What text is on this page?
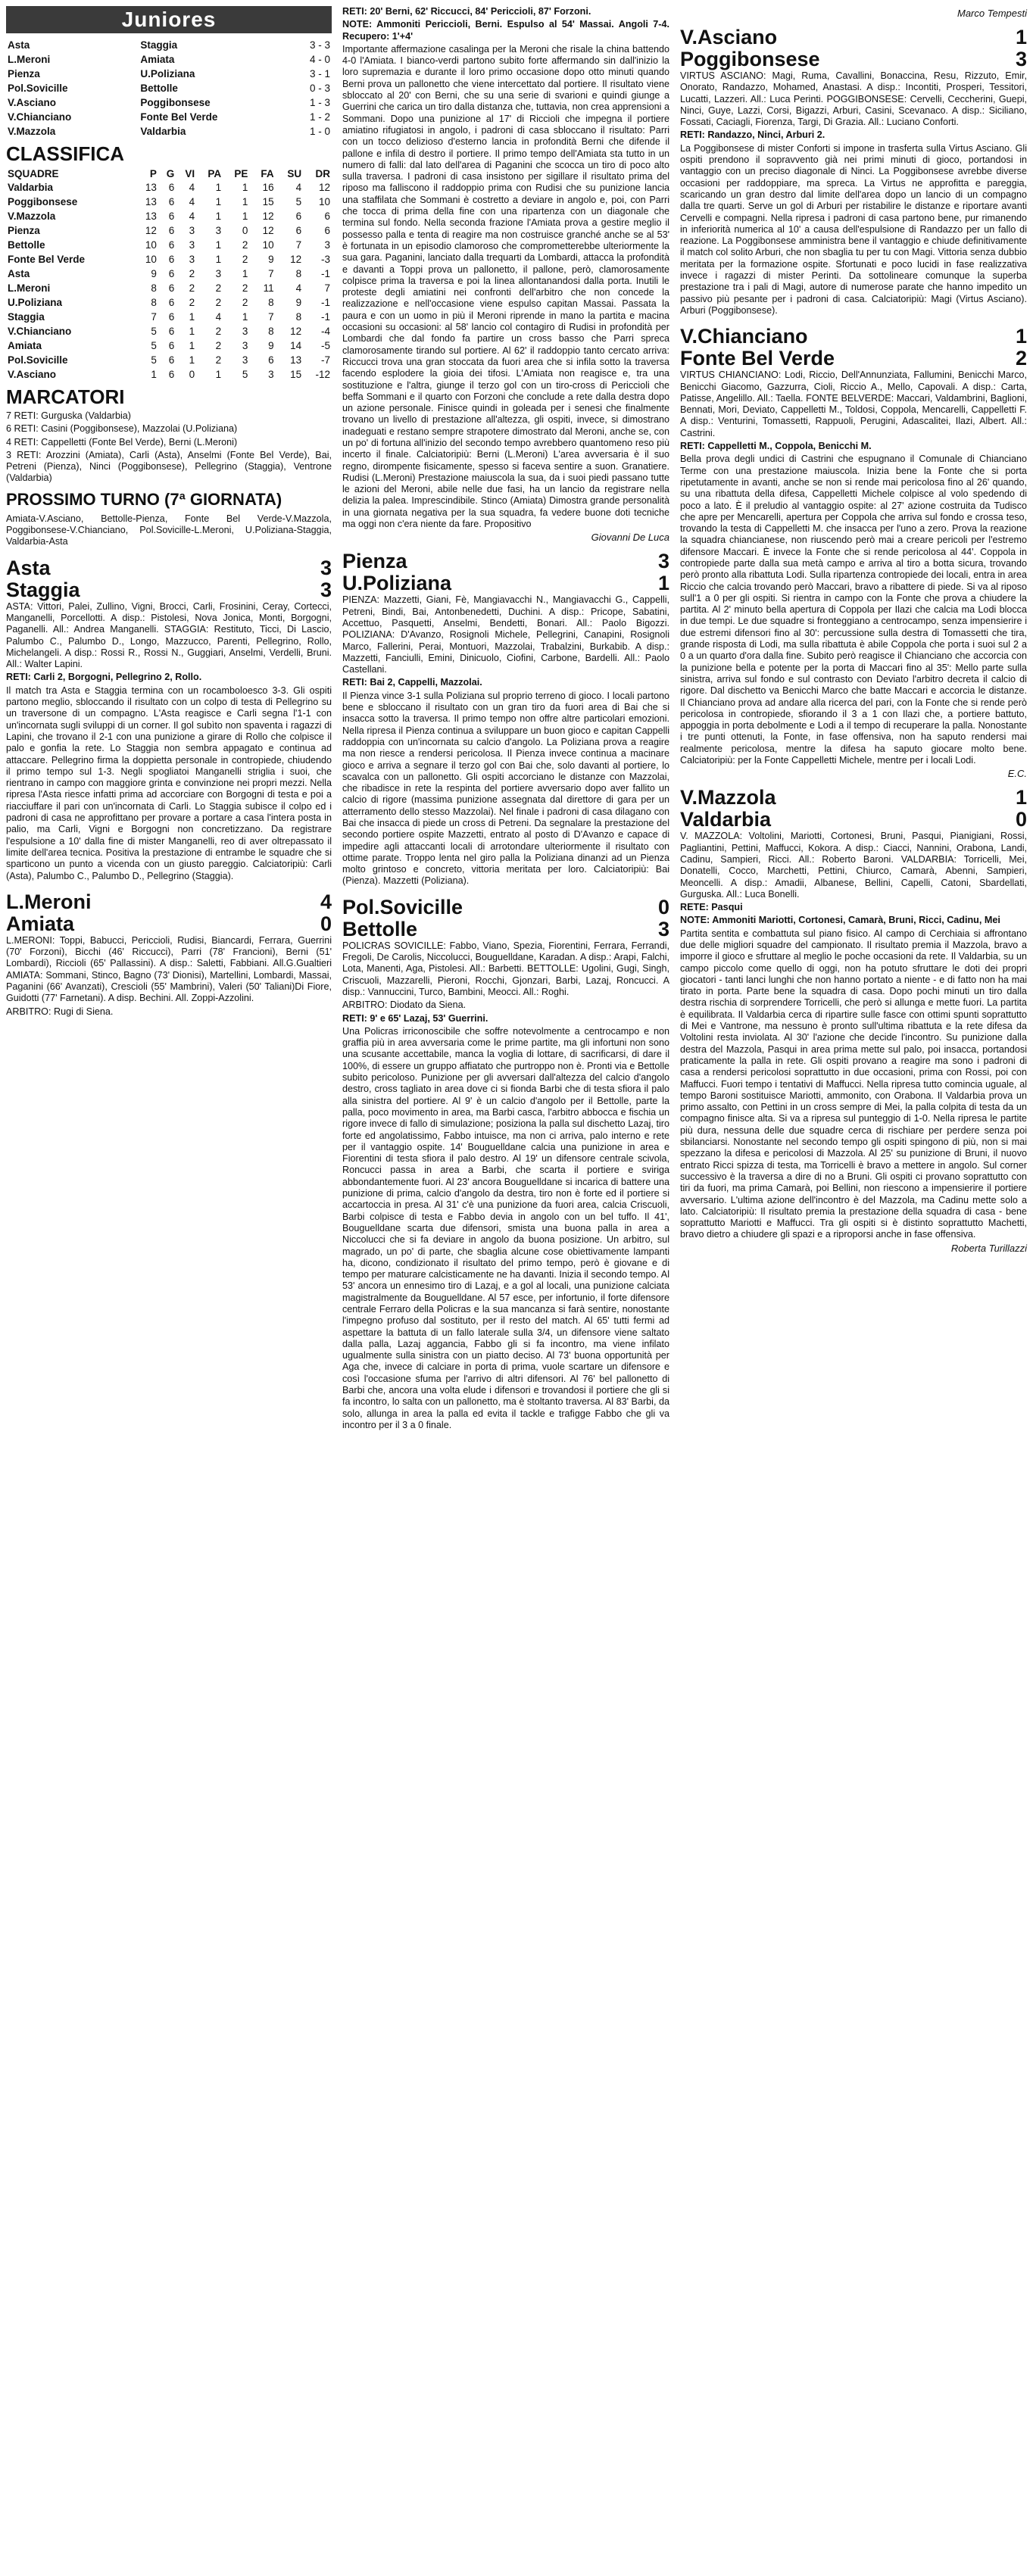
Juniores
Asta	Staggia	3 - 3
L.Meroni	Amiata	4 - 0
Pienza	U.Poliziana	3 - 1
Pol.Sovicille	Bettolle	0 - 3
V.Asciano	Poggibonsese	1 - 3
V.Chianciano	Fonte Bel Verde	1 - 2
V.Mazzola	Valdarbia	1 - 0
CLASSIFICA
SQUADRE	P	G	VI	PA	PE	FA	SU	DR
Valdarbia	13	6	4	1	1	16	4	12
Poggibonsese	13	6	4	1	1	15	5	10
V.Mazzola	13	6	4	1	1	12	6	6
Pienza	12	6	3	3	0	12	6	6
Bettolle	10	6	3	1	2	10	7	3
Fonte Bel Verde	10	6	3	1	2	9	12	-3
Asta	9	6	2	3	1	7	8	-1
L.Meroni	8	6	2	2	2	11	4	7
U.Poliziana	8	6	2	2	2	8	9	-1
Staggia	7	6	1	4	1	7	8	-1
V.Chianciano	5	6	1	2	3	8	12	-4
Amiata	5	6	1	2	3	9	14	-5
Pol.Sovicille	5	6	1	2	3	6	13	-7
V.Asciano	1	6	0	1	5	3	15	-12
MARCATORI

7 RETI: Gurguska (Valdarbia)

6 RETI: Casini (Poggibonsese), Mazzolai (U.Poliziana)

4 RETI: Cappelletti (Fonte Bel Verde), Berni (L.Meroni)

3 RETI: Arozzini (Amiata), Carli (Asta), Anselmi (Fonte Bel Verde), Bai, Petreni (Pienza), Ninci (Poggibonsese), Pellegrino (Staggia), Ventrone (Valdarbia)

PROSSIMO TURNO (7ª GIORNATA)

Amiata-V.Asciano, Bettolle-Pienza, Fonte Bel Verde-V.Mazzola, Poggibonsese-V.Chianciano, Pol.Sovicille-L.Meroni, U.Poliziana-Staggia, Valdarbia-Asta

Asta	3
Staggia	3

ASTA: Vittori, Palei, Zullino, Vigni, Brocci, Carli, Frosinini, Ceray, Cortecci, Manganelli, Porcellotti. A disp.: Pistolesi, Nova Jonica, Monti, Borgogni, Paganelli. All.: Andrea Manganelli. STAGGIA: Restituto, Ticci, Di Lascio, Palumbo C., Palumbo D., Longo, Mazzucco, Parenti, Pellegrino, Rollo, Michelangeli. A disp.: Rossi R., Rossi N., Guggiari, Anselmi, Verdelli, Bruni. All.: Walter Lapini.

RETI: Carli 2, Borgogni, Pellegrino 2, Rollo.

Il match tra Asta e Staggia termina con un rocamboloesco 3-3. Gli ospiti partono meglio, sbloccando il risultato con un colpo di testa di Pellegrino su un traversone di un compagno. L'Asta reagisce e Carli segna l'1-1 con un'incornata sugli sviluppi di un corner. Il gol subìto non spaventa i ragazzi di Lapini, che trovano il 2-1 con una punizione a girare di Rollo che colpisce il palo e gonfia la rete. Lo Staggia non sembra appagato e continua ad attaccare. Pellegrino firma la doppietta personale in contropiede, chiudendo il primo tempo sul 1-3. Negli spogliatoi Manganelli striglia i suoi, che rientrano in campo con maggiore grinta e convinzione nei propri mezzi. Nella ripresa l'Asta riesce infatti prima ad accorciare con Borgogni di testa e poi a riacciuffare il pari con un'incornata di Carli. Lo Staggia subisce il colpo ed i padroni di casa ne approfittano per provare a portare a casa l'intera posta in palio, ma Carli, Vigni e Borgogni non concretizzano. Da registrare l'espulsione a 10' dalla fine di mister Manganelli, reo di aver oltrepassato il limite dell'area tecnica. Positiva la prestazione di entrambe le squadre che si sparticono un punto a vicenda con un giusto pareggio. Calciatoripiù: Carli (Asta), Palumbo C., Palumbo D., Pellegrino (Staggia).

L.Meroni	4
Amiata	0

L.MERONI: Toppi, Babucci, Periccioli, Rudisi, Biancardi, Ferrara, Guerrini (70' Forzoni), Bicchi (46' Riccucci), Parri (78' Francioni), Berni (51' Lombardi), Riccioli (65' Pallassini). A disp.: Saletti, Fabbiani. All.G.Gualtieri AMIATA: Sommani, Stinco, Bagno (73' Dionisi), Martellini, Lombardi, Massai, Paganini (66' Avanzati), Crescioli (55' Mambrini), Valeri (50' Taliani)Di Fiore, Guidotti (77' Farnetani). A disp. Bechini. All. Zoppi-Azzolini.

ARBITRO: Rugi di Siena.

RETI: 20' Berni, 62' Riccucci, 84' Periccioli, 87' Forzoni.

NOTE: Ammoniti Periccioli, Berni. Espulso al 54' Massai. Angoli 7-4. Recupero: 1'+4'

Importante affermazione casalinga per la Meroni che risale la china battendo 4-0 l'Amiata. I bianco-verdi partono subito forte affermando sin dall'inizio la loro supremazia e durante il loro primo occasione dopo otto minuti quando Berni prova un pallonetto che viene intercettato dal portiere. Il risultato viene sbloccato al 20' con Berni, che su una serie di svarioni e quindi giunge a Guerrini che carica un tiro dalla distanza che, tuttavia, non crea apprensioni a Sommani. Dopo una punizione al 17' di Riccioli che impegna il portiere amiatino rifugiatosi in angolo, i padroni di casa sbloccano il risultato: Parri con un tocco delizioso d'esterno lancia in profondità Berni che difende il pallone e infila di destro il portiere. Il primo tempo dell'Amiata sta tutto in un numero di falli: dal lato dell'area di Paganini che scocca un tiro di poco alto sulla traversa. I padroni di casa insistono per sigillare il risultato prima del riposo ma falliscono il raddoppio prima con Rudisi che su punizione lancia una staffilata che Sommani è costretto a deviare in angolo e, poi, con Parri che tocca di prima della fine con una ripartenza con un diagonale che termina sul fondo. Nella seconda frazione l'Amiata prova a gestire meglio il possesso palla e tenta di reagire ma non costruisce granché anche se al 53' è fortunata in un episodio clamoroso che comprometterebbe ulteriormente la sua gara. Paganini, lanciato dalla trequarti da Lombardi, attacca la profondità e davanti a Toppi prova un pallonetto, il pallone, però, clamorosamente colpisce prima la traversa e poi la linea allontanandosi dalla porta. Inutili le proteste degli amiatini nei confronti dell'arbitro che non concede la realizzazione e nell'occasione viene espulso capitan Massai. Passata la paura e con un uomo in più il Meroni riprende in mano la partita e macina occasioni su occasioni: al 58' lancio col contagiro di Rudisi in profondità per Lombardi che dal fondo fa partire un cross basso che Parri spreca clamorosamente tirando sul portiere. Al 62' il raddoppio tanto cercato arriva: Riccucci trova una gran stoccata da fuori area che si infila sotto la traversa facendo esplodere la gioia dei tifosi. L'Amiata non reagisce e, tra una sostituzione e l'altra, giunge il terzo gol con un tiro-cross di Periccioli che beffa Sommani e il quarto con Forzoni che conclude a rete dalla destra dopo un azione personale. Finisce quindi in goleada per i senesi che finalmente trovano un livello di prestazione all'altezza, gli ospiti, invece, si dimostrano inadeguati e restano sempre strapotere dimostrato dal Meroni, anche se, con un po' di fortuna all'inizio del secondo tempo avrebbero quantomeno reso più incerto il finale. Calciatoripiù: Berni (L.Meroni) L'area avversaria è il suo regno, dirompente fisicamente, spesso si faceva sentire a suon. Granatiere. Rudisi (L.Meroni) Prestazione maiuscola la sua, da i suoi piedi passano tutte le azioni del Meroni, abile nelle due fasi, ha un lancio da registrare nella delizia la palea. Imprescindibile. Stinco (Amiata) Dimostra grande personalità in una giornata negativa per la sua squadra, fa vedere buone doti tecniche ma oggi non c'era niente da fare. Propositivo

Giovanni De Luca
Pienza	3
U.Poliziana	1

PIENZA: Mazzetti, Giani, Fè, Mangiavacchi N., Mangiavacchi G., Cappelli, Petreni, Bindi, Bai, Antonbenedetti, Duchini. A disp.: Pricope, Sabatini, Accettuo, Pasquetti, Anselmi, Bendetti, Bonari. All.: Paolo Bigozzi. POLIZIANA: D'Avanzo, Rosignoli Michele, Pellegrini, Canapini, Rosignoli Marco, Fallerini, Perai, Montuori, Mazzolai, Trabalzini, Burkabib. A disp.: Mazzetti, Fanciulli, Emini, Dinicuolo, Ciofini, Carbone, Bardelli. All.: Paolo Castellani.

RETI: Bai 2, Cappelli, Mazzolai.

Il Pienza vince 3-1 sulla Poliziana sul proprio terreno di gioco. I locali partono bene e sbloccano il risultato con un gran tiro da fuori area di Bai che si insacca sotto la traversa. Il primo tempo non offre altre particolari emozioni. Nella ripresa il Pienza continua a sviluppare un buon gioco e capitan Cappelli raddoppia con un'incornata su calcio d'angolo. La Poliziana prova a reagire ma non riesce a rendersi pericolosa. Il Pienza invece continua a macinare gioco e arriva a segnare il terzo gol con Bai che, solo davanti al portiere, lo scavalca con un pallonetto. Gli ospiti accorciano le distanze con Mazzolai, che ribadisce in rete la respinta del portiere avversario dopo aver fallito un calcio di rigore (massima punizione assegnata dal direttore di gara per un atterramento dello stesso Mazzolai). Nel finale i padroni di casa dilagano con Bai che insacca di piede un cross di Petreni. Da segnalare la prestazione del secondo portiere ospite Mazzetti, entrato al posto di D'Avanzo e capace di impedire agli attaccanti locali di arrotondare ulteriormente il risultato con ottime parate. Troppo lenta nel giro palla la Poliziana dinanzi ad un Pienza molto grintoso e concreto, vittoria meritata per loro. Calciatoripiù: Bai (Pienza). Mazzetti (Poliziana).

Pol.Sovicille	0
Bettolle	3

POLICRAS SOVICILLE: Fabbo, Viano, Spezia, Fiorentini, Ferrara, Ferrandi, Fregoli, De Carolis, Niccolucci, Bouguelldane, Karadan. A disp.: Arapi, Falchi, Lota, Manenti, Aga, Pistolesi. All.: Barbetti. BETTOLLE: Ugolini, Gugi, Singh, Criscuoli, Mazzarelli, Pieroni, Rocchi, Gjonzari, Barbi, Lazaj, Roncucci. A disp.: Vannuccini, Turco, Bambini, Meocci. All.: Roghi.

ARBITRO: Diodato da Siena.

RETI: 9' e 65' Lazaj, 53' Guerrini.

Una Policras irriconoscibile che soffre notevolmente a centrocampo e non graffia più in area avversaria come le prime partite, ma gli infortuni non sono una scusante accettabile, manca la voglia di lottare, di sacrificarsi, di dare il 100%, di essere un gruppo affiatato che purtroppo non è. Pronti via e Bettolle subito pericoloso. Punizione per gli avversari dall'altezza del calcio d'angolo destro, cross tagliato in area dove ci si fionda Barbi che di testa sfiora il palo alla sinistra del portiere. Al 9' è un calcio d'angolo per il Bettolle, parte la palla, poco movimento in area, ma Barbi casca, l'arbitro abbocca e fischia un rigore invece di fallo di simulazione; posiziona la palla sul dischetto Lazaj, tiro forte ed angolatissimo, Fabbo intuisce, ma non ci arriva, palo interno e rete per il vantaggio ospite. 14' Bouguelldane calcia una punizione in area e Fiorentini di testa sfiora il palo destro. Al 19' un difensore centrale scivola, Roncucci passa in area a Barbi, che scarta il portiere e sviriga abbondantemente fuori. Al 23' ancora Bouguelldane si incarica di battere una punizione di prima, calcio d'angolo da destra, tiro non è forte ed il portiere si accartoccia in presa. Al 31' c'è una punizione da fuori area, calcia Criscuoli, Barbi colpisce di testa e Fabbo devia in angolo con un bel tuffo. Il 41', Bouguelldane scarta due difensori, smista una buona palla in area a Niccolucci che si fa deviare in angolo da buona posizione. Un arbitro, sul magrado, un po' di parte, che sbaglia alcune cose obiettivamente lampanti ha, dicono, condizionato il risultato del primo tempo, però è giovane e di tempo per maturare calcisticamente ne ha davanti. Inizia il secondo tempo. Al 53' ancora un ennesimo tiro di Lazaj, e a gol al locali, una punizione calciata magistralmente da Bouguelldane. Al 57 esce, per infortunio, il forte difensore centrale Ferraro della Policras e la sua mancanza si farà sentire, nonostante l'impegno profuso dal sostituto, per il resto del match. Al 65' tutti fermi ad aspettare la battuta di un fallo laterale sulla 3/4, un difensore viene saltato dalla palla, Lazaj aggancia, Fabbo gli si fa incontro, ma viene infilato ugualmente sulla sinistra con un piatto deciso. Al 73' buona opportunità per Aga che, invece di calciare in porta di prima, vuole scartare un difensore e così l'occasione sfuma per l'arrivo di altri difensori. Al 76' bel pallonetto di Barbi che, ancora una volta elude i difensori e trovandosi il portiere che gli si fa incontro, lo salta con un pallonetto, ma è stoltanto traversa. Al 83' Barbi, da solo, allunga in area la palla ed evita il tackle e trafigge Fabbo che gli va incontro per il 3 a 0 finale.

Marco Tempesti
V.Asciano	1
Poggibonsese	3

VIRTUS ASCIANO: Magi, Ruma, Cavallini, Bonaccina, Resu, Rizzuto, Emir, Onorato, Randazzo, Mohamed, Anastasi. A disp.: Incontiti, Prosperi, Tessitori, Lucatti, Lazzeri. All.: Luca Perinti. POGGIBONSESE: Cervelli, Ceccherini, Guepi, Ninci, Guye, Lazzi, Corsi, Bigazzi, Arburi, Casini, Scevanaco. A disp.: Siciliano, Fossati, Caciagli, Fiorenza, Targi, Di Grazia. All.: Luciano Conforti.

RETI: Randazzo, Ninci, Arburi 2.

La Poggibonsese di mister Conforti si impone in trasferta sulla Virtus Asciano. Gli ospiti prendono il sopravvento già nei primi minuti di gioco, portandosi in vantaggio con un preciso diagonale di Ninci. La Poggibonsese avrebbe diverse occasioni per raddoppiare, ma spreca. La Virtus ne approfitta e pareggia, scaricando un gran destro dal limite dell'area dopo un lancio di un compagno dalla tre quarti. Serve un gol di Arburi per ristabilire le distanze e riportare avanti Cervelli e compagni. Nella ripresa i padroni di casa partono bene, pur rimanendo in inferiorità numerica al 10' a causa dell'espulsione di Randazzo per un fallo di reazione. La Poggibonsese amministra bene il vantaggio e chiude definitivamente il match col solito Arburi, che non sbaglia tu per tu con Magi. Vittoria senza dubbio meritata per la formazione ospite. Sfortunati e poco lucidi in fase realizzativa invece i ragazzi di mister Perinti. Da sottolineare comunque la superba prestazione tra i pali di Magi, autore di numerose parate che hanno impedito un passivo più pesante per i padroni di casa. Calciatoripiù: Magi (Virtus Asciano). Arburi (Poggibonsese).

V.Chianciano	1
Fonte Bel Verde	2

VIRTUS CHIANCIANO: Lodi, Riccio, Dell'Annunziata, Fallumini, Benicchi Marco, Benicchi Giacomo, Gazzurra, Cioli, Riccio A., Mello, Capovali. A disp.: Carta, Patisse, Angelillo. All.: Taella. FONTE BELVERDE: Maccari, Valdambrini, Baglioni, Bennati, Mori, Deviato, Cappelletti M., Toldosi, Coppola, Mencarelli, Cappelletti F. A disp.: Venturini, Tomassetti, Rappuoli, Perugini, Adascalitei, Ilazi, Albert. All.: Castrini.

RETI: Cappelletti M., Coppola, Benicchi M.

Bella prova degli undici di Castrini che espugnano il Comunale di Chianciano Terme con una prestazione maiuscola. Inizia bene la Fonte che si porta ripetutamente in avanti, anche se non si rende mai pericolosa fino al 26' quando, su una ribattuta della difesa, Cappelletti Michele colpisce al volo spedendo di poco a lato. È il preludio al vantaggio ospite: al 27' azione costruita da Tudisco che apre per Mencarelli, apertura per Coppola che arriva sul fondo e crossa teso, trovando la testa di Cappelletti M. che insacca per l'uno a zero. Prova la reazione la squadra chiancianese, non riuscendo però mai a creare pericoli per l'estremo difensore Maccari. È invece la Fonte che si rende pericolosa al 44'. Coppola in contropiede parte dalla sua metà campo e arriva al tiro a botta sicura, trovando però pronto alla ribattuta Lodi. Sulla ripartenza contropiede dei locali, entra in area Riccio che calcia trovando però Maccari, bravo a ribattere di piede. Si va al riposo sull'1 a 0 per gli ospiti. Si rientra in campo con la Fonte che prova a chiudere la partita. Al 2' minuto bella apertura di Coppola per Ilazi che calcia ma Lodi blocca in due tempi. Le due squadre si fronteggiano a centrocampo, senza impensierire i due estremi difensori fino al 30': percussione sulla destra di Tomassetti che tira, grande risposta di Lodi, ma sulla ribattuta è abile Coppola che porta i suoi sul 2 a 0 a un quarto d'ora dalla fine. Subito però reagisce il Chianciano che accorcia con la punizione bella e potente per la porta di Maccari fino al 35': Mello parte sulla sinistra, arriva sul fondo e sul contrasto con Deviato l'arbitro decreta il calcio di rigore. Dal dischetto va Benicchi Marco che batte Maccari e accorcia le distanze. Il Chianciano prova ad andare alla ricerca del pari, con la Fonte che si rende però pericolosa in contropiede, sfiorando il 3 a 1 con Ilazi che, a portiere battuto, appoggia in porta debolmente e Lodi a il tempo di recuperare la palla. Nonostante i tre punti ottenuti, la Fonte, in fase offensiva, non ha saputo rendersi mai realmente pericolosa, mentre la difesa ha saputo giocare molto bene. Calciatoripiù: per la Fonte Cappelletti Michele, mentre per i locali Lodi.

E.C.
V.Mazzola	1
Valdarbia	0

V. MAZZOLA: Voltolini, Mariotti, Cortonesi, Bruni, Pasqui, Pianigiani, Rossi, Pagliantini, Pettini, Maffucci, Kokora. A disp.: Ciacci, Nannini, Orabona, Landi, Cadinu, Sampieri, Ricci. All.: Roberto Baroni. VALDARBIA: Torricelli, Mei, Donatelli, Cocco, Marchetti, Pettini, Chiurco, Camarà, Abenni, Sampieri, Meoncelli. A disp.: Amadii, Albanese, Bellini, Capelli, Catoni, Sbardellati, Gurguska. All.: Luca Bonelli.

RETE: Pasqui

NOTE: Ammoniti Mariotti, Cortonesi, Camarà, Bruni, Ricci, Cadinu, Mei

Partita sentita e combattuta sul piano fisico. Al campo di Cerchiaia si affrontano due delle migliori squadre del campionato. Il risultato premia il Mazzola, bravo a imporre il gioco e sfruttare al meglio le poche occasioni da rete. Il Valdarbia, su un campo piccolo come quello di oggi, non ha potuto sfruttare le doti dei propri giocatori - tanti lanci lunghi che non hanno portato a niente - e di fatto non ha mai tirato in porta. Parte bene la squadra di casa. Dopo pochi minuti un tiro dalla destra rischia di sorprendere Torricelli, che però si allunga e mette fuori. La partita è equilibrata. Il Valdarbia cerca di ripartire sulle fasce con ottimi spunti soprattutto di Mei e Vantrone, ma nessuno è pronto sull'ultima ribattuta e la rete difesa da Voltolini resta inviolata. Al 30' l'azione che decide l'incontro. Su punizione dalla destra del Mazzola, Pasqui in area prima mette sul palo, poi insacca, portandosi praticamente la palla in rete. Gli ospiti provano a reagire ma sono i padroni di casa a rendersi pericolosi soprattutto in due occasioni, prima con Rossi, poi con Maffucci. Fuori tempo i tentativi di Maffucci. Nella ripresa tutto comincia uguale, al tempo Baroni sostituisce Mariotti, ammonito, con Orabona. Il Valdarbia prova un primo assalto, con Pettini in un cross sempre di Mei, la palla colpita di testa da un compagno finisce alta. Si va a ripresa sul punteggio di 1-0. Nella ripresa le partite più dura, nessuna delle due squadre cerca di rischiare per perdere senza poi sbilanciarsi. Nonostante nel secondo tempo gli ospiti spingono di più, non si mai spezzano la difesa e pericolosi di Mazzola. Al 25' su punizione di Bruni, il nuovo entrato Ricci spizza di testa, ma Torricelli è bravo a mettere in angolo. Sul corner successivo è la traversa a dire di no a Bruni. Gli ospiti ci provano soprattutto con tiri da fuori, ma prima Camarà, poi Bellini, non riescono a impensierire il portiere avversario. L'ultima azione dell'incontro è del Mazzola, ma Cadinu mette solo a lato. Calciatoripiù: Il risultato premia la prestazione della squadra di casa - bene soprattutto Mariotti e Maffucci. Tra gli ospiti si è distinto soprattutto Machetti, bravo dietro a chiudere gli spazi e a riproporsi anche in fase offensiva.

Roberta Turillazzi
